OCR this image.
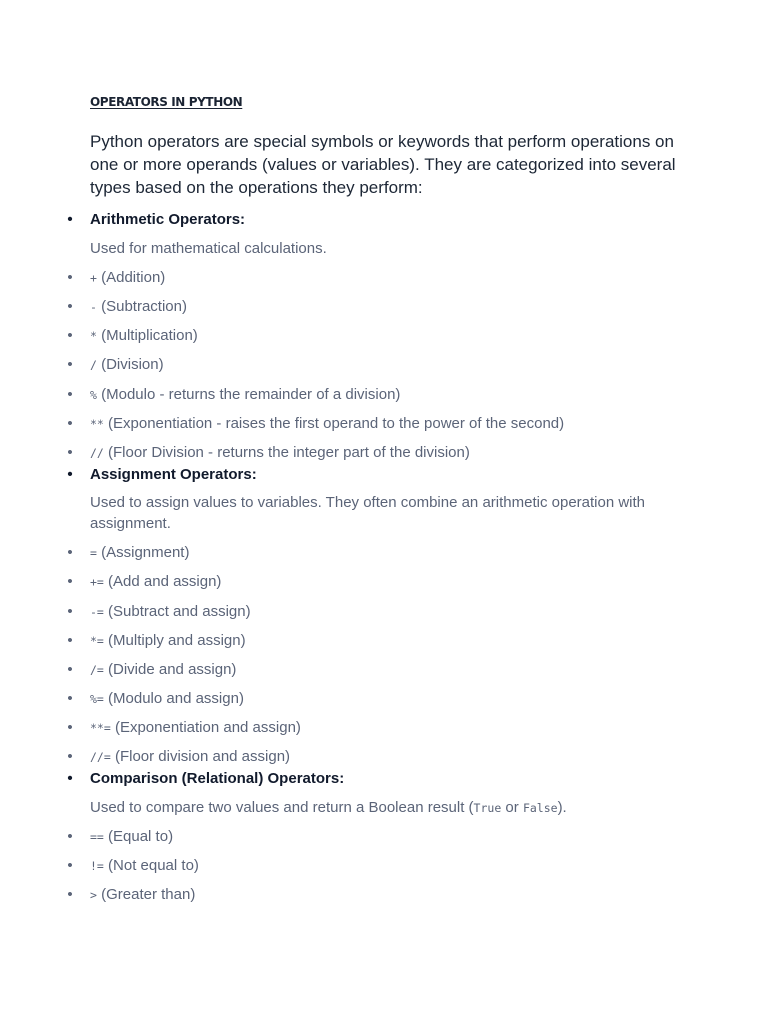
OPERATORS IN PYTHON
Python operators are special symbols or keywords that perform operations on one or more operands (values or variables). They are categorized into several types based on the operations they perform:
• Arithmetic Operators:
Used for mathematical calculations.
• + (Addition)
• - (Subtraction)
• * (Multiplication)
• / (Division)
• % (Modulo - returns the remainder of a division)
• ** (Exponentiation - raises the first operand to the power of the second)
• // (Floor Division - returns the integer part of the division)
• Assignment Operators:
Used to assign values to variables. They often combine an arithmetic operation with assignment.
• = (Assignment)
• += (Add and assign)
• -= (Subtract and assign)
• *= (Multiply and assign)
• /= (Divide and assign)
• %= (Modulo and assign)
• **= (Exponentiation and assign)
• //= (Floor division and assign)
• Comparison (Relational) Operators:
Used to compare two values and return a Boolean result (True or False).
• == (Equal to)
• != (Not equal to)
• > (Greater than)
